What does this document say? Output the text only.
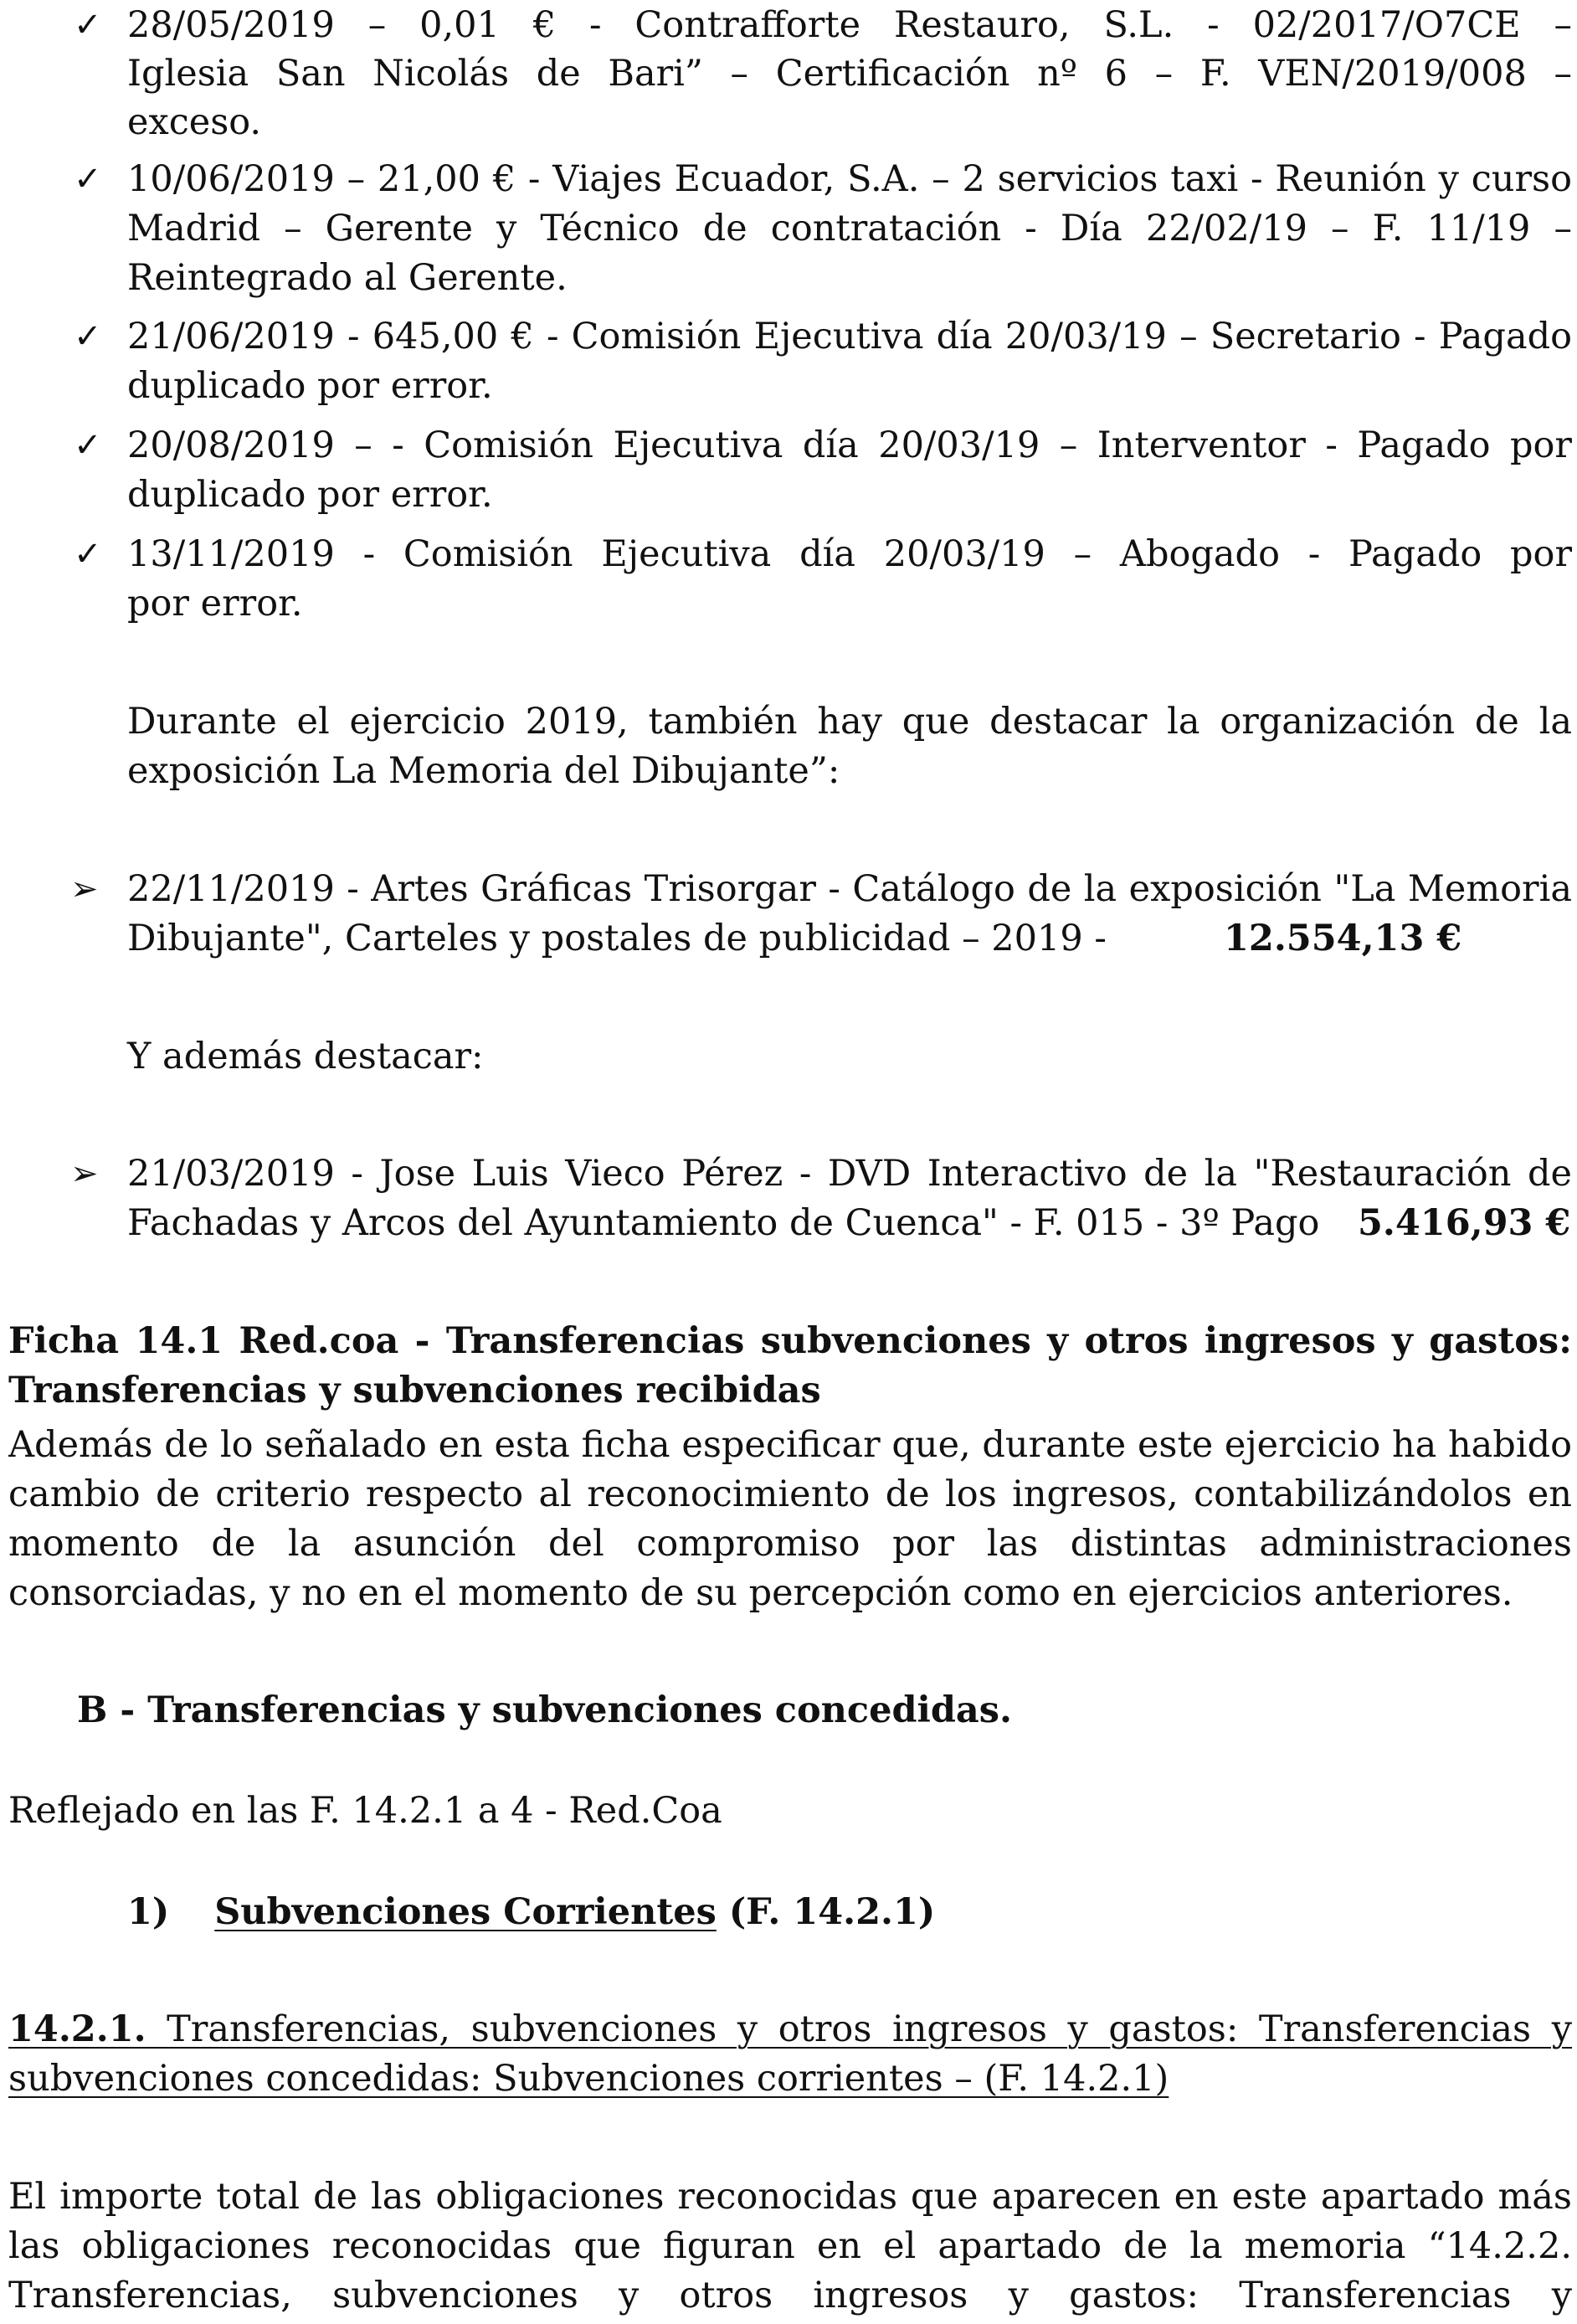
✓ 28/05/2019 – 0,01 € - Contrafforte Restauro, S.L. - 02/2017/O7CE –
Iglesia San Nicolás de Bari” – Certificación nº 6 – F. VEN/2019/008 –
exceso.
✓ 10/06/2019 – 21,00 € - Viajes Ecuador, S.A. – 2 servicios taxi - Reunión y curso
Madrid – Gerente y Técnico de contratación - Día 22/02/19 – F. 11/19 –
Reintegrado al Gerente.
✓ 21/06/2019 - 645,00 € - Comisión Ejecutiva día 20/03/19 – Secretario - Pagado
duplicado por error.
✓ 20/08/2019 – - Comisión Ejecutiva día 20/03/19 – Interventor - Pagado por
duplicado por error.
✓ 13/11/2019 - Comisión Ejecutiva día 20/03/19 – Abogado - Pagado por
por error.
Durante el ejercicio 2019, también hay que destacar la organización de la
exposición La Memoria del Dibujante”:
➢ 22/11/2019 - Artes Gráficas Trisorgar - Catálogo de la exposición "La Memoria
Dibujante", Carteles y postales de publicidad – 2019 -	12.554,13 €
Y además destacar:
➢ 21/03/2019 - Jose Luis Vieco Pérez - DVD Interactivo de la "Restauración de
Fachadas y Arcos del Ayuntamiento de Cuenca" - F. 015 - 3º Pago 5.416,93 €
Ficha 14.1 Red.coa - Transferencias subvenciones y otros ingresos y gastos:
Transferencias y subvenciones recibidas
Además de lo señalado en esta ficha especificar que, durante este ejercicio ha habido
cambio de criterio respecto al reconocimiento de los ingresos, contabilizándolos en
momento de la asunción del compromiso por las distintas administraciones
consorciadas, y no en el momento de su percepción como en ejercicios anteriores.
B - Transferencias y subvenciones concedidas.
Reflejado en las F. 14.2.1 a 4 - Red.Coa
1) Subvenciones Corrientes (F. 14.2.1)
14.2.1. Transferencias, subvenciones y otros ingresos y gastos: Transferencias y
subvenciones concedidas: Subvenciones corrientes – (F. 14.2.1)
El importe total de las obligaciones reconocidas que aparecen en este apartado más
las obligaciones reconocidas que figuran en el apartado de la memoria “14.2.2.
Transferencias, subvenciones y otros ingresos y gastos: Transferencias y
